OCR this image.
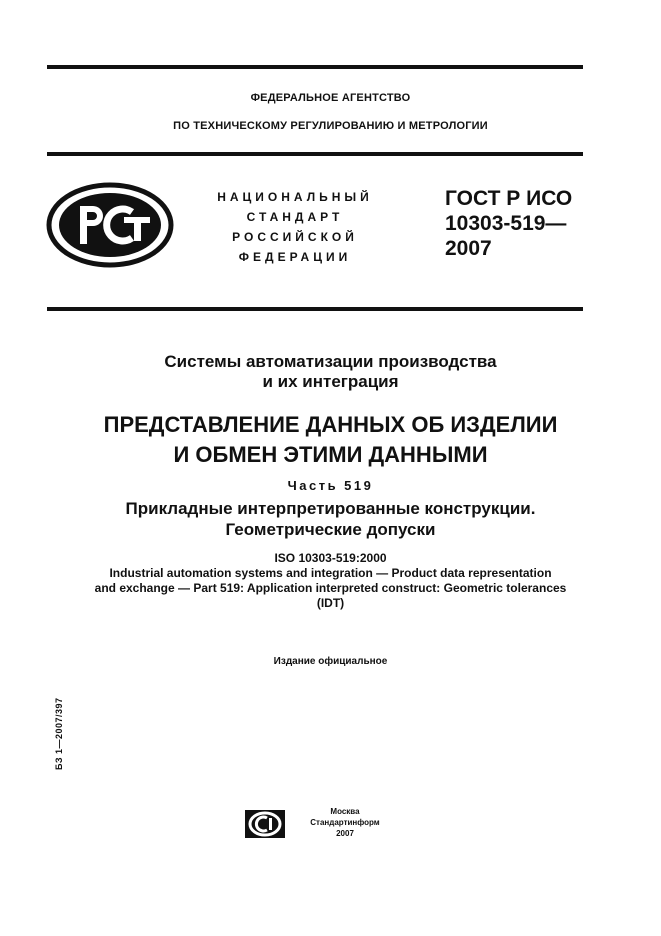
ФЕДЕРАЛЬНОЕ АГЕНТСТВО
ПО ТЕХНИЧЕСКОМУ РЕГУЛИРОВАНИЮ И МЕТРОЛОГИИ
НАЦИОНАЛЬНЫЙ
СТАНДАРТ
РОССИЙСКОЙ
ФЕДЕРАЦИИ
ГОСТ Р ИСО
10303-519—
2007
Системы автоматизации производства
и их интеграция
ПРЕДСТАВЛЕНИЕ ДАННЫХ ОБ ИЗДЕЛИИ
И ОБМЕН ЭТИМИ ДАННЫМИ
Часть 519
Прикладные интерпретированные конструкции.
Геометрические допуски
ISO 10303-519:2000
Industrial automation systems and integration — Product data representation
and exchange — Part 519: Application interpreted construct: Geometric tolerances
(IDT)
Издание официальное
БЗ 1—2007/397
Москва
Стандартинформ
2007
